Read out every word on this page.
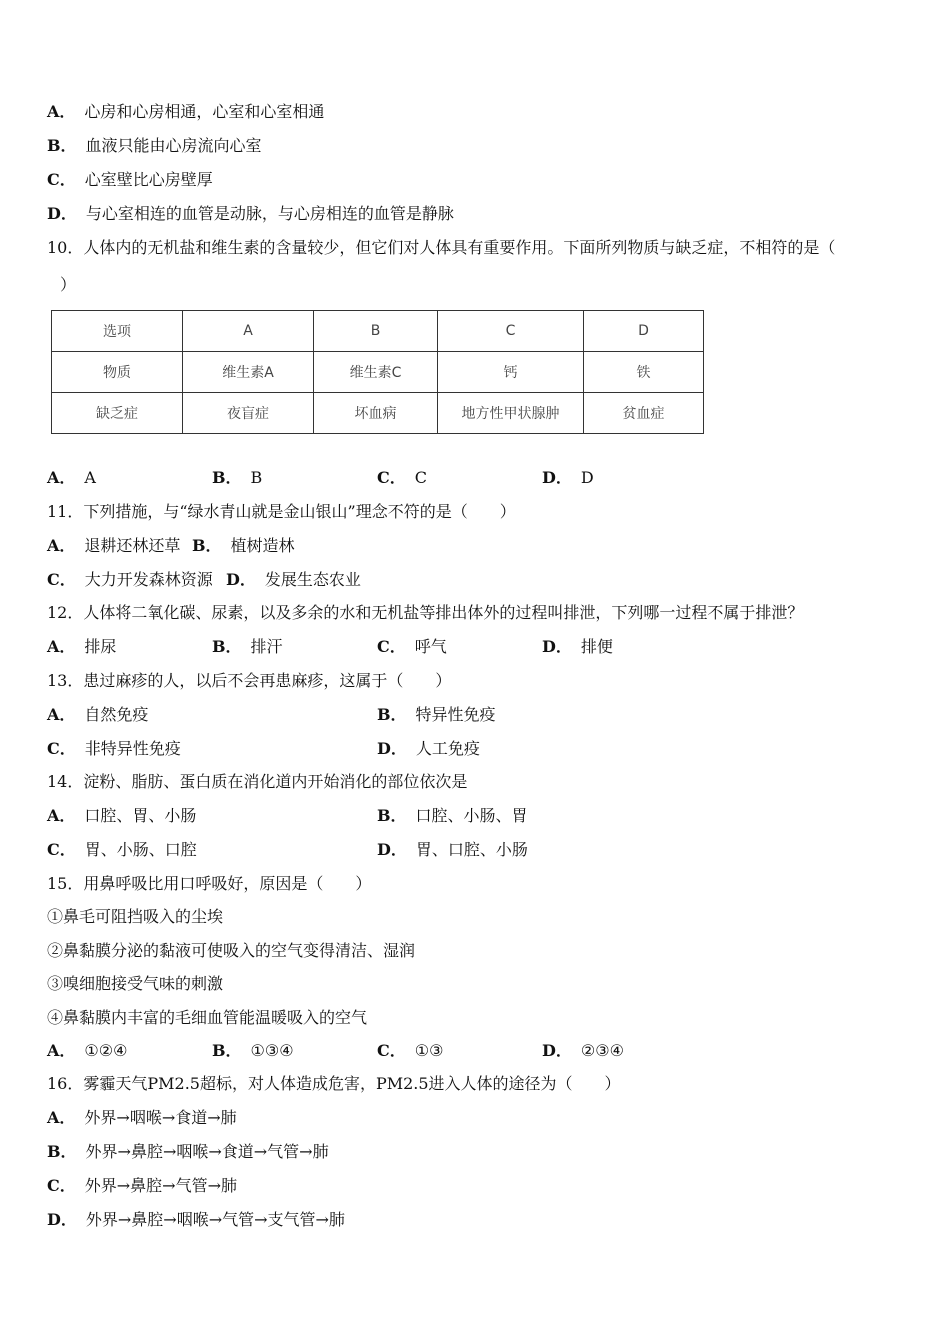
A． 心房和心房相通，心室和心室相通
B． 血液只能由心房流向心室
C． 心室壁比心房壁厚
D． 与心室相连的血管是动脉，与心房相连的血管是静脉
10．人体内的无机盐和维生素的含量较少，但它们对人体具有重要作用。下面所列物质与缺乏症，不相符的是（
）
选项	A	B	C	D
物质	维生素A	维生素C	钙	铁
缺乏症	夜盲症	坏血病	地方性甲状腺肿	贫血症
A． A	B． B	C． C	D． D
11．下列措施，与“绿水青山就是金山银山”理念不符的是（　　）
A． 退耕还林还草 B． 植树造林
C． 大力开发森林资源 D． 发展生态农业
12．人体将二氧化碳、尿素，以及多余的水和无机盐等排出体外的过程叫排泄，下列哪一过程不属于排泄？
A． 排尿	B． 排汗	C． 呼气	D． 排便
13．患过麻疹的人，以后不会再患麻疹，这属于（　　）
A． 自然免疫	B． 特异性免疫
C． 非特异性免疫	D． 人工免疫
14．淀粉、脂肪、蛋白质在消化道内开始消化的部位依次是
A． 口腔、胃、小肠	B． 口腔、小肠、胃
C． 胃、小肠、口腔	D． 胃、口腔、小肠
15．用鼻呼吸比用口呼吸好，原因是（　　）
①鼻毛可阻挡吸入的尘埃
②鼻黏膜分泌的黏液可使吸入的空气变得清洁、湿润
③嗅细胞接受气味的刺激
④鼻黏膜内丰富的毛细血管能温暖吸入的空气
A． ①②④	B． ①③④	C． ①③	D． ②③④
16．雾霾天气PM2.5超标，对人体造成危害，PM2.5进入人体的途径为（　　）
A． 外界→咽喉→食道→肺
B． 外界→鼻腔→咽喉→食道→气管→肺
C． 外界→鼻腔→气管→肺
D． 外界→鼻腔→咽喉→气管→支气管→肺
